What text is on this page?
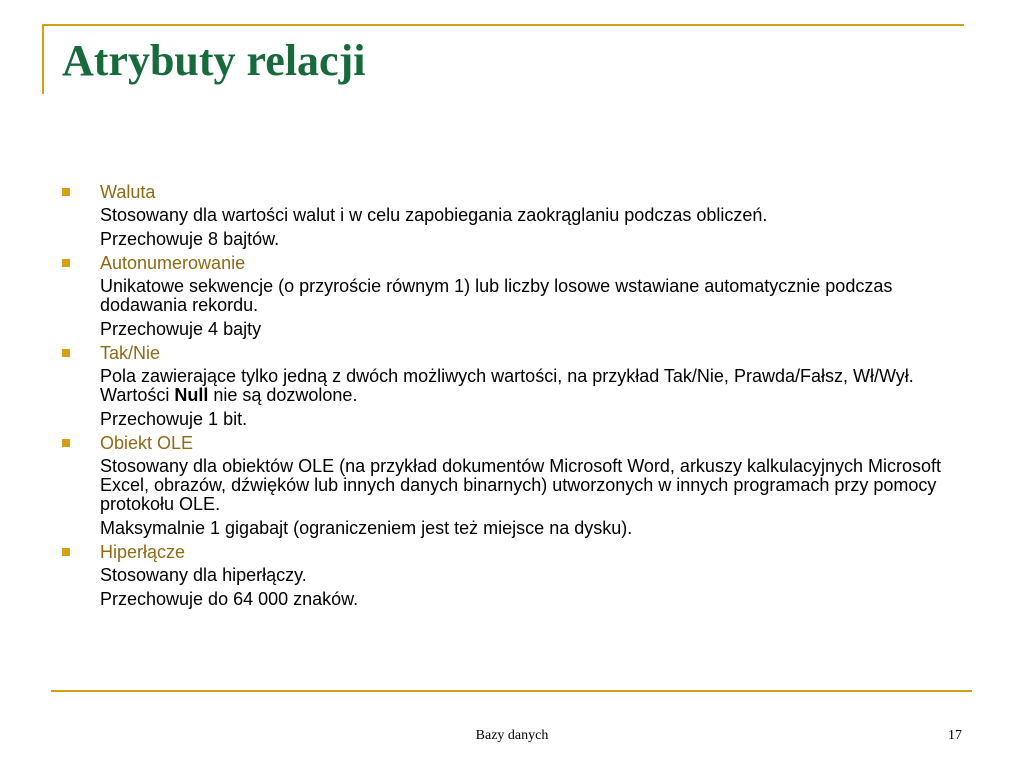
Atrybuty relacji
Waluta

Stosowany dla wartości walut i w celu zapobiegania zaokrąglaniu podczas obliczeń.

Przechowuje 8 bajtów.

Autonumerowanie

Unikatowe sekwencje (o przyroście równym 1) lub liczby losowe wstawiane automatycznie podczas dodawania rekordu.

Przechowuje 4 bajty

Tak/Nie

Pola zawierające tylko jedną z dwóch możliwych wartości, na przykład Tak/Nie, Prawda/Fałsz, Wł/Wył. Wartości Null nie są dozwolone.

Przechowuje 1 bit.

Obiekt OLE

Stosowany dla obiektów OLE (na przykład dokumentów Microsoft Word, arkuszy kalkulacyjnych Microsoft Excel, obrazów, dźwięków lub innych danych binarnych) utworzonych w innych programach przy pomocy protokołu OLE.

Maksymalnie 1 gigabajt (ograniczeniem jest też miejsce na dysku).

Hiperłącze

Stosowany dla hiperłączy.

Przechowuje do 64 000 znaków.

Bazy danych	17
